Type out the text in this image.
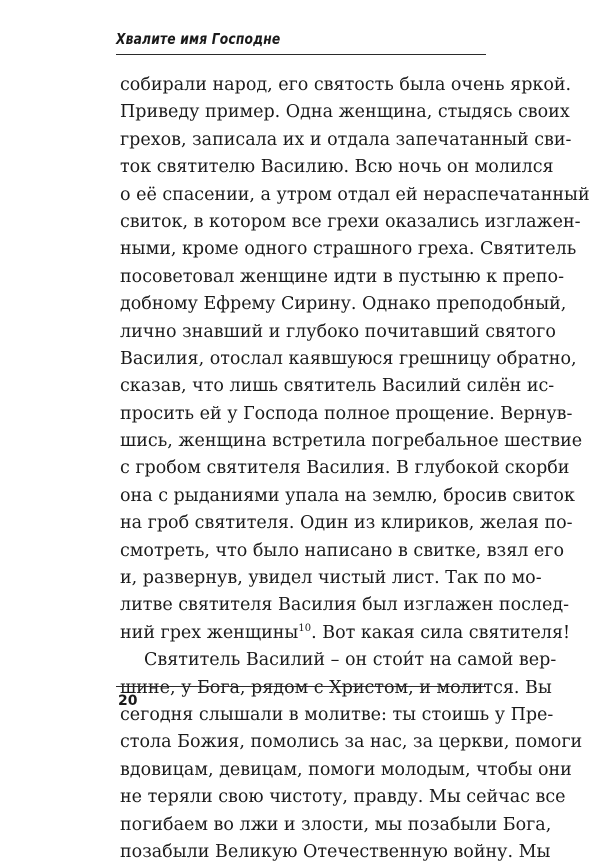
Хвалите имя Господне
собирали народ, его святость была очень яркой.
Приведу пример. Одна женщина, стыдясь своих
грехов, записала их и отдала запечатанный сви-
ток святителю Василию. Всю ночь он молился
о её спасении, а утром отдал ей нераспечатанный
свиток, в котором все грехи оказались изглажен-
ными, кроме одного страшного греха. Святитель
посоветовал женщине идти в пустыню к препо-
добному Ефрему Сирину. Однако преподобный,
лично знавший и глубоко почитавший святого
Василия, отослал каявшуюся грешницу обратно,
сказав, что лишь святитель Василий силён ис-
просить ей у Господа полное прощение. Вернув-
шись, женщина встретила погребальное шествие
с гробом святителя Василия. В глубокой скорби
она с рыданиями упала на землю, бросив свиток
на гроб святителя. Один из клириков, желая по-
смотреть, что было написано в свитке, взял его
и, развернув, увидел чистый лист. Так по мо-
литве святителя Василия был изглажен послед-
ний грех женщины$^{10}$. Вот какая сила святителя!
Святитель Василий – он стои́т на самой вер-
шине, у Бога, рядом с Христом, и молится. Вы
сегодня слышали в молитве: ты стоишь у Пре-
стола Божия, помолись за нас, за церкви, помоги
вдовицам, девицам, помоги молодым, чтобы они
не теряли свою чистоту, правду. Мы сейчас все
погибаем во лжи и злости, мы позабыли Бога,
позабыли Великую Отечественную войну. Мы
20
